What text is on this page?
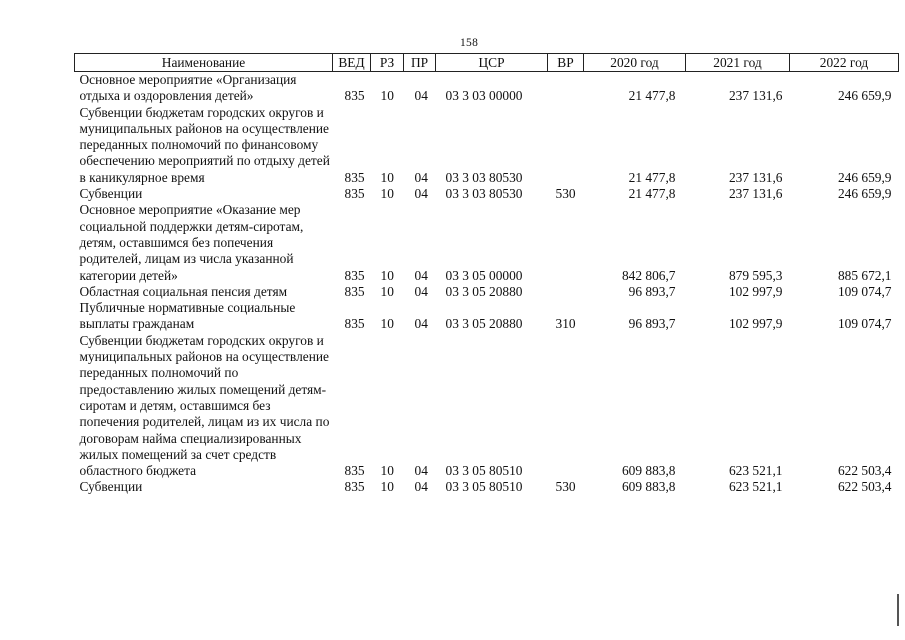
158
Наименование	ВЕД	РЗ	ПР	ЦСР	ВР	2020 год	2021 год	2022 год
Основное мероприятие «Организация отдыха и оздоровления детей»	835	10	04	03 3 03 00000		21 477,8	237 131,6	246 659,9
Субвенции бюджетам городских округов и муниципальных районов на осуществление переданных полномочий по финансовому обеспечению мероприятий по отдыху детей в каникулярное время	835	10	04	03 3 03 80530		21 477,8	237 131,6	246 659,9
Субвенции	835	10	04	03 3 03 80530	530	21 477,8	237 131,6	246 659,9
Основное мероприятие «Оказание мер социальной поддержки детям-сиротам, детям, оставшимся без попечения родителей, лицам из числа указанной категории детей»	835	10	04	03 3 05 00000		842 806,7	879 595,3	885 672,1
Областная социальная пенсия детям	835	10	04	03 3 05 20880		96 893,7	102 997,9	109 074,7
Публичные нормативные социальные выплаты гражданам	835	10	04	03 3 05 20880	310	96 893,7	102 997,9	109 074,7
Субвенции бюджетам городских округов и муниципальных районов на осуществление переданных полномочий по предоставлению жилых помещений детям-сиротам и детям, оставшимся без попечения родителей, лицам из их числа по договорам найма специализированных жилых помещений за счет средств областного бюджета	835	10	04	03 3 05 80510		609 883,8	623 521,1	622 503,4
Субвенции	835	10	04	03 3 05 80510	530	609 883,8	623 521,1	622 503,4
